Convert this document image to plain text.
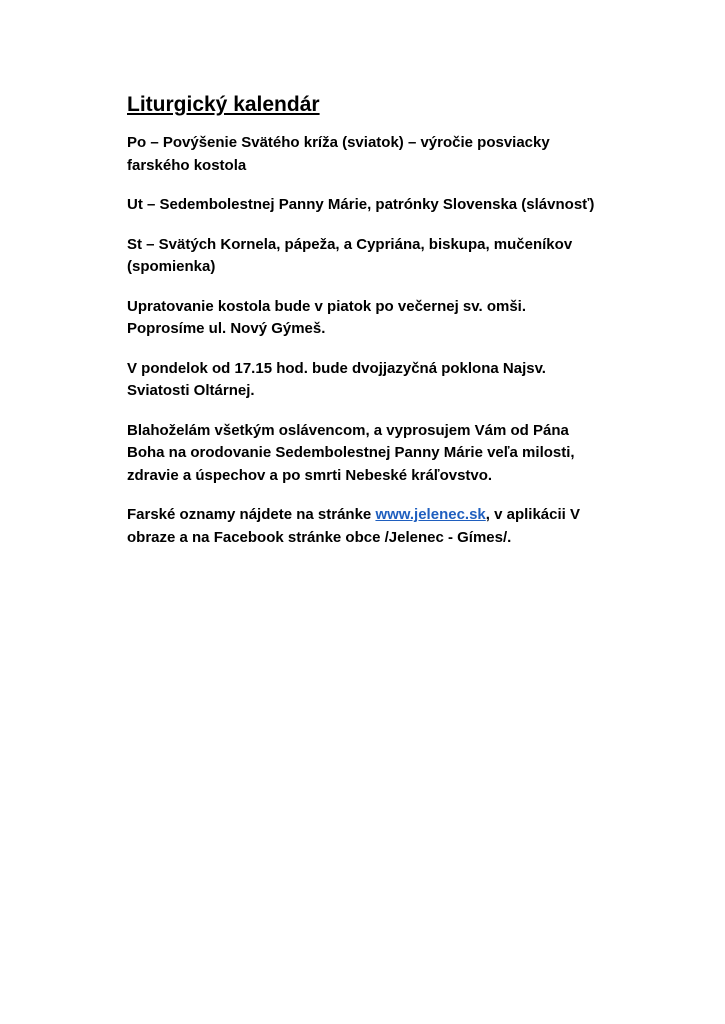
Liturgický kalendár

Po – Povýšenie Svätého kríža (sviatok) – výročie posviacky farského kostola

Ut – Sedembolestnej Panny Márie, patrónky Slovenska (slávnosť)

St – Svätých Kornela, pápeža, a Cypriána, biskupa, mučeníkov (spomienka)

Upratovanie kostola bude v piatok po večernej sv. omši. Poprosíme ul. Nový Gýmeš.

V pondelok od 17.15 hod. bude dvojjazyčná poklona Najsv. Sviatosti Oltárnej.

Blahoželám všetkým oslávencom, a vyprosujem Vám od Pána Boha na orodovanie Sedembolestnej Panny Márie veľa milosti, zdravie a úspechov a po smrti Nebeské kráľovstvo.

Farské oznamy nájdete na stránke www.jelenec.sk, v aplikácii V obraze a na Facebook stránke obce /Jelenec - Gímes/.
